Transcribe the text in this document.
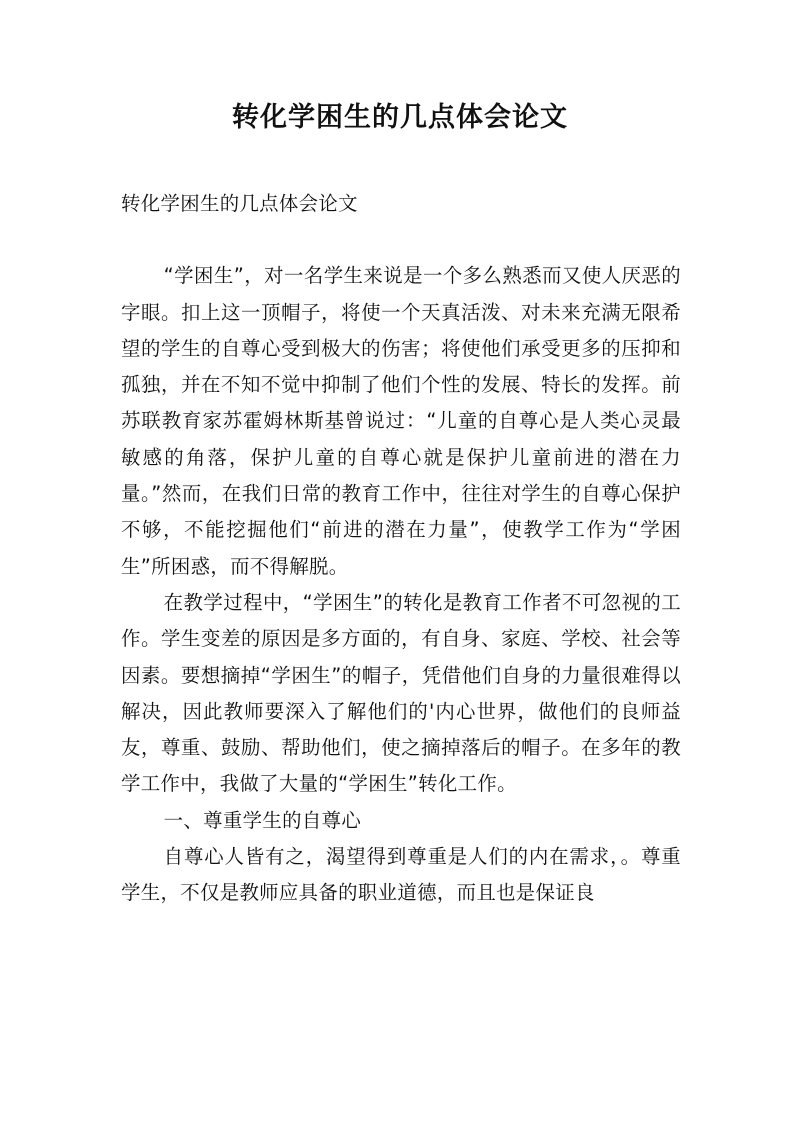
转化学困生的几点体会论文

转化学困生的几点体会论文

“学困生”，对一名学生来说是一个多么熟悉而又使人厌恶的字眼。扣上这一顶帽子，将使一个天真活泼、对未来充满无限希望的学生的自尊心受到极大的伤害；将使他们承受更多的压抑和孤独，并在不知不觉中抑制了他们个性的发展、特长的发挥。前苏联教育家苏霍姆林斯基曾说过：“儿童的自尊心是人类心灵最敏感的角落，保护儿童的自尊心就是保护儿童前进的潜在力量。”然而，在我们日常的教育工作中，往往对学生的自尊心保护不够，不能挖掘他们“前进的潜在力量”，使教学工作为“学困生”所困惑，而不得解脱。

在教学过程中，“学困生”的转化是教育工作者不可忽视的工作。学生变差的原因是多方面的，有自身、家庭、学校、社会等因素。要想摘掉“学困生”的帽子，凭借他们自身的力量很难得以解决，因此教师要深入了解他们的'内心世界，做他们的良师益友，尊重、鼓励、帮助他们，使之摘掉落后的帽子。在多年的教学工作中，我做了大量的“学困生”转化工作。

一、尊重学生的自尊心

自尊心人皆有之，渴望得到尊重是人们的内在需求，。尊重学生，不仅是教师应具备的职业道德，而且也是保证良
